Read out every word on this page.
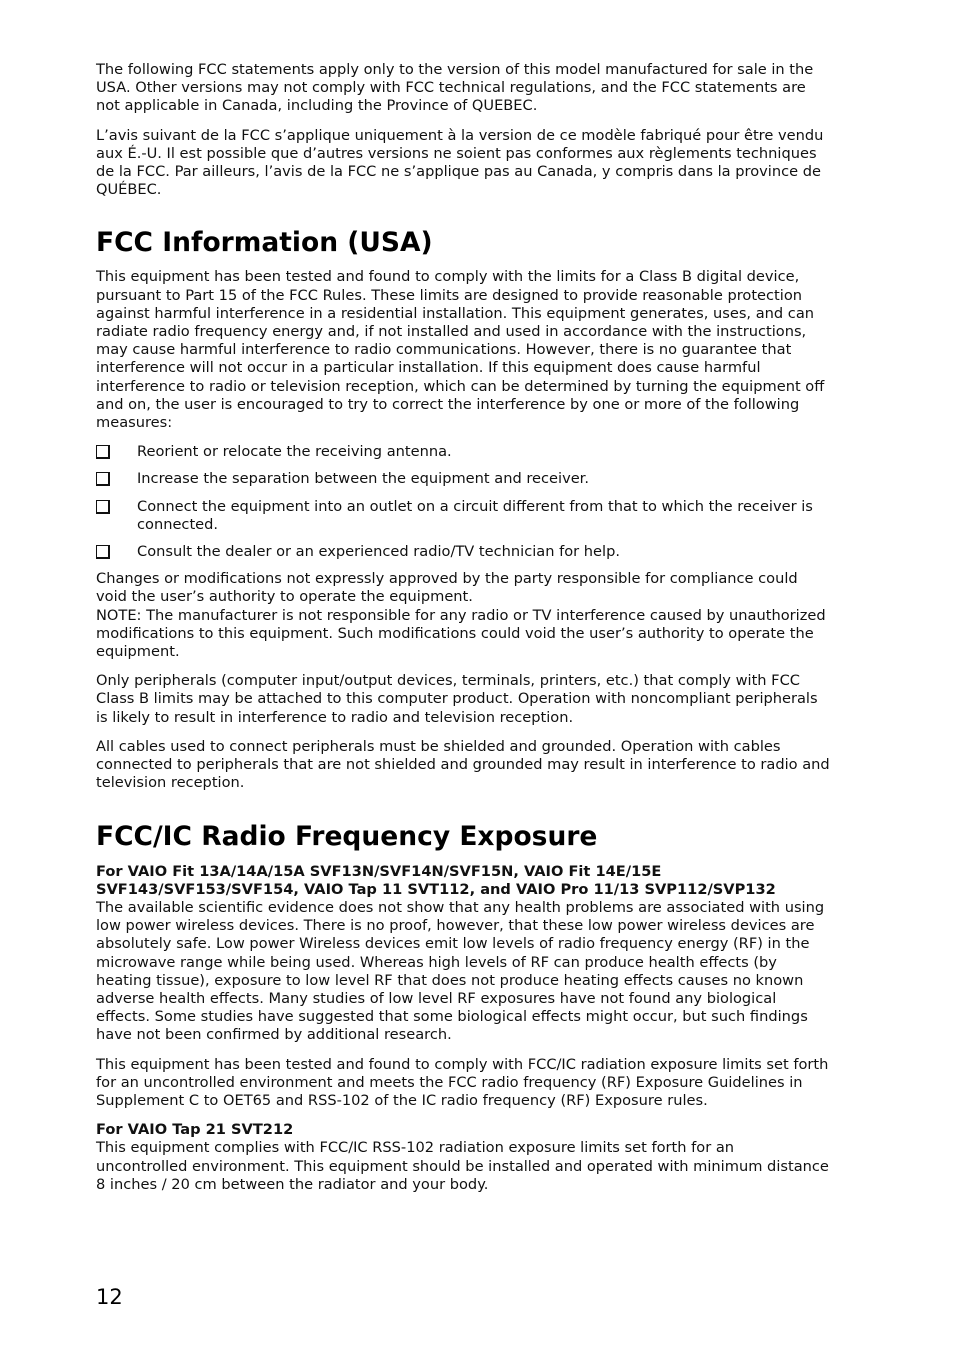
The following FCC statements apply only to the version of this model manufactured for sale in the USA. Other versions may not comply with FCC technical regulations, and the FCC statements are not applicable in Canada, including the Province of QUEBEC.

L’avis suivant de la FCC s’applique uniquement à la version de ce modèle fabriqué pour être vendu aux É.-U. Il est possible que d’autres versions ne soient pas conformes aux règlements techniques de la FCC. Par ailleurs, l’avis de la FCC ne s’applique pas au Canada, y compris dans la province de QUÉBEC.

FCC Information (USA)

This equipment has been tested and found to comply with the limits for a Class B digital device, pursuant to Part 15 of the FCC Rules. These limits are designed to provide reasonable protection against harmful interference in a residential installation. This equipment generates, uses, and can radiate radio frequency energy and, if not installed and used in accordance with the instructions, may cause harmful interference to radio communications. However, there is no guarantee that interference will not occur in a particular installation. If this equipment does cause harmful interference to radio or television reception, which can be determined by turning the equipment off and on, the user is encouraged to try to correct the interference by one or more of the following measures:

Reorient or relocate the receiving antenna.
Increase the separation between the equipment and receiver.
Connect the equipment into an outlet on a circuit different from that to which the receiver is connected.
Consult the dealer or an experienced radio/TV technician for help.

Changes or modifications not expressly approved by the party responsible for compliance could void the user’s authority to operate the equipment.

NOTE: The manufacturer is not responsible for any radio or TV interference caused by unauthorized modifications to this equipment. Such modifications could void the user’s authority to operate the equipment.

Only peripherals (computer input/output devices, terminals, printers, etc.) that comply with FCC Class B limits may be attached to this computer product. Operation with noncompliant peripherals is likely to result in interference to radio and television reception.

All cables used to connect peripherals must be shielded and grounded. Operation with cables connected to peripherals that are not shielded and grounded may result in interference to radio and television reception.

FCC/IC Radio Frequency Exposure

For VAIO Fit 13A/14A/15A SVF13N/SVF14N/SVF15N, VAIO Fit 14E/15E SVF143/SVF153/SVF154, VAIO Tap 11 SVT112, and VAIO Pro 11/13 SVP112/SVP132

The available scientific evidence does not show that any health problems are associated with using low power wireless devices. There is no proof, however, that these low power wireless devices are absolutely safe. Low power Wireless devices emit low levels of radio frequency energy (RF) in the microwave range while being used. Whereas high levels of RF can produce health effects (by heating tissue), exposure to low level RF that does not produce heating effects causes no known adverse health effects. Many studies of low level RF exposures have not found any biological effects. Some studies have suggested that some biological effects might occur, but such findings have not been confirmed by additional research.

This equipment has been tested and found to comply with FCC/IC radiation exposure limits set forth for an uncontrolled environment and meets the FCC radio frequency (RF) Exposure Guidelines in Supplement C to OET65 and RSS-102 of the IC radio frequency (RF) Exposure rules.

For VAIO Tap 21 SVT212

This equipment complies with FCC/IC RSS-102 radiation exposure limits set forth for an uncontrolled environment. This equipment should be installed and operated with minimum distance 8 inches / 20 cm between the radiator and your body.

12
